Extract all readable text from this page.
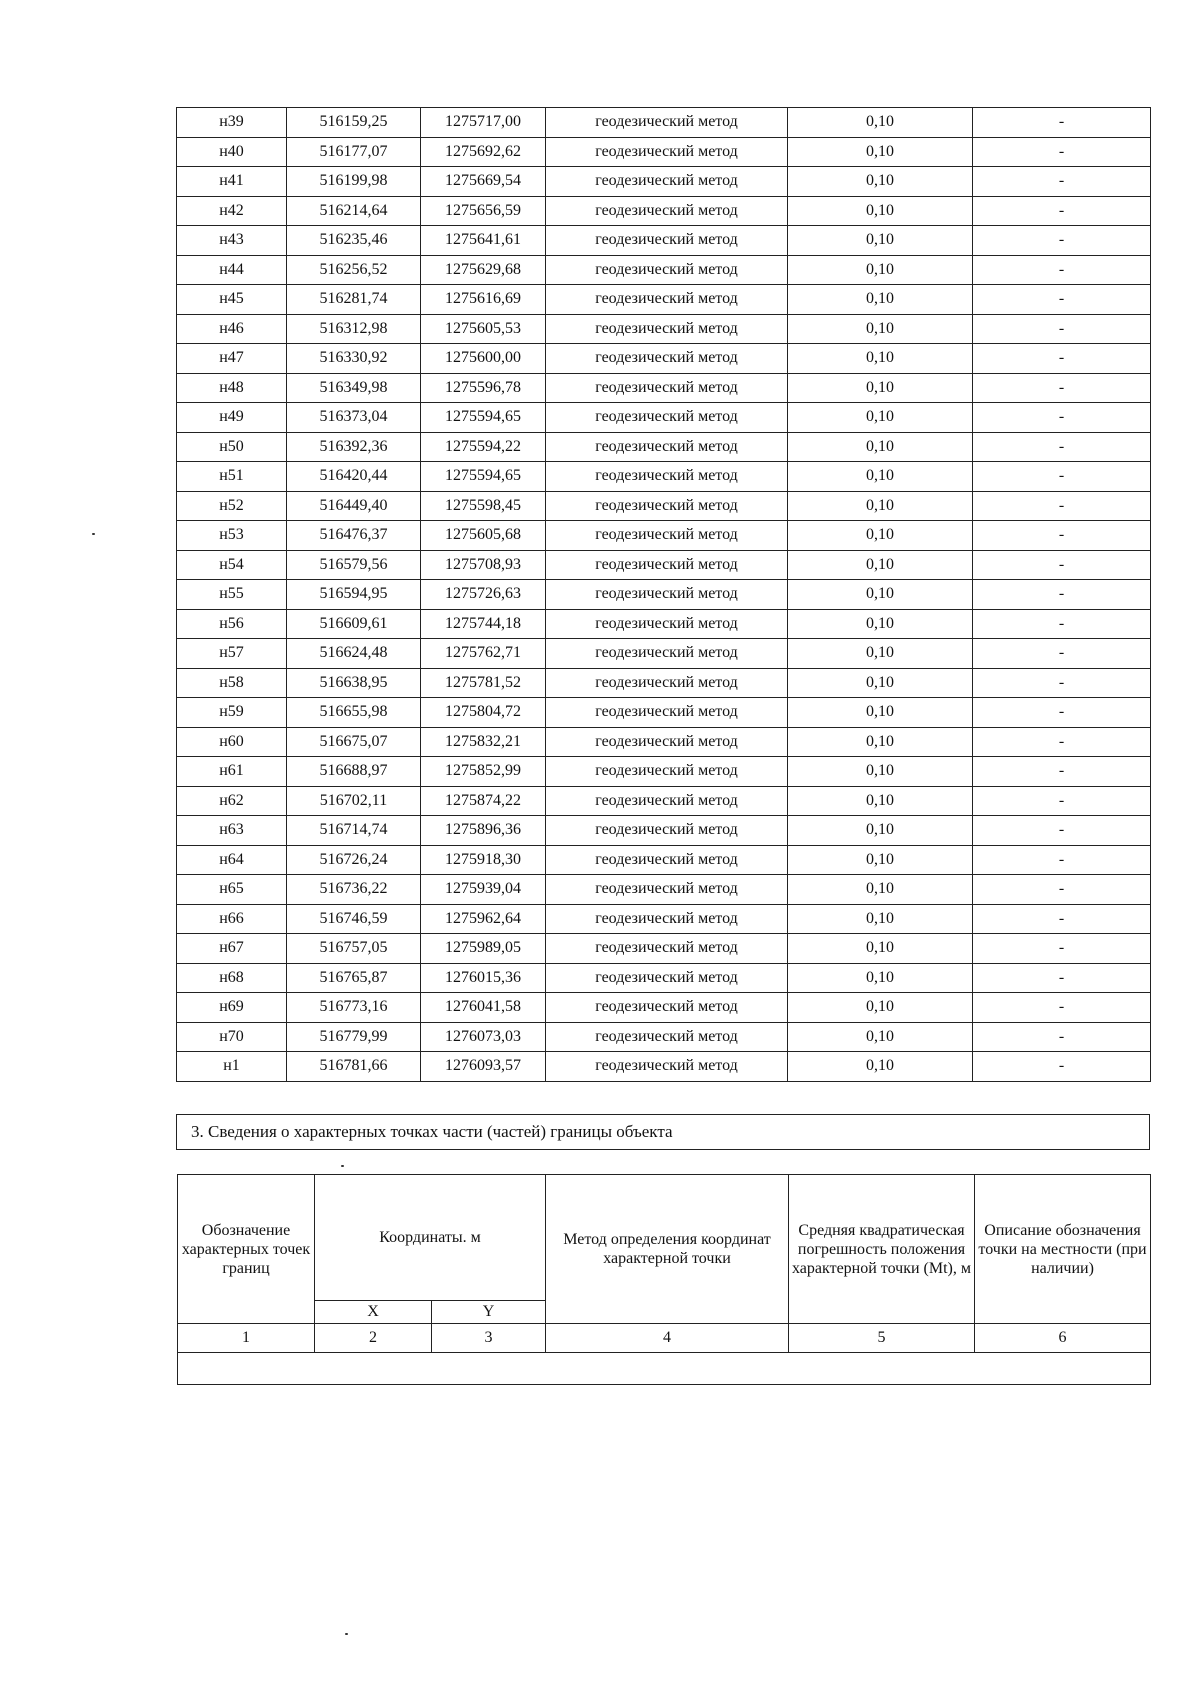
н39	516159,25	1275717,00	геодезический метод	0,10	-
н40	516177,07	1275692,62	геодезический метод	0,10	-
н41	516199,98	1275669,54	геодезический метод	0,10	-
н42	516214,64	1275656,59	геодезический метод	0,10	-
н43	516235,46	1275641,61	геодезический метод	0,10	-
н44	516256,52	1275629,68	геодезический метод	0,10	-
н45	516281,74	1275616,69	геодезический метод	0,10	-
н46	516312,98	1275605,53	геодезический метод	0,10	-
н47	516330,92	1275600,00	геодезический метод	0,10	-
н48	516349,98	1275596,78	геодезический метод	0,10	-
н49	516373,04	1275594,65	геодезический метод	0,10	-
н50	516392,36	1275594,22	геодезический метод	0,10	-
н51	516420,44	1275594,65	геодезический метод	0,10	-
н52	516449,40	1275598,45	геодезический метод	0,10	-
н53	516476,37	1275605,68	геодезический метод	0,10	-
н54	516579,56	1275708,93	геодезический метод	0,10	-
н55	516594,95	1275726,63	геодезический метод	0,10	-
н56	516609,61	1275744,18	геодезический метод	0,10	-
н57	516624,48	1275762,71	геодезический метод	0,10	-
н58	516638,95	1275781,52	геодезический метод	0,10	-
н59	516655,98	1275804,72	геодезический метод	0,10	-
н60	516675,07	1275832,21	геодезический метод	0,10	-
н61	516688,97	1275852,99	геодезический метод	0,10	-
н62	516702,11	1275874,22	геодезический метод	0,10	-
н63	516714,74	1275896,36	геодезический метод	0,10	-
н64	516726,24	1275918,30	геодезический метод	0,10	-
н65	516736,22	1275939,04	геодезический метод	0,10	-
н66	516746,59	1275962,64	геодезический метод	0,10	-
н67	516757,05	1275989,05	геодезический метод	0,10	-
н68	516765,87	1276015,36	геодезический метод	0,10	-
н69	516773,16	1276041,58	геодезический метод	0,10	-
н70	516779,99	1276073,03	геодезический метод	0,10	-
н1	516781,66	1276093,57	геодезический метод	0,10	-
3. Сведения о характерных точках части (частей) границы объекта
Обозначение характерных точек границ	Координаты. м		Метод определения координат характерной точки	Средняя квадратическая погрешность положения характерной точки (Mt), м	Описание обозначения точки на местности (при наличии)
	X	Y			
1	2	3	4	5	6
